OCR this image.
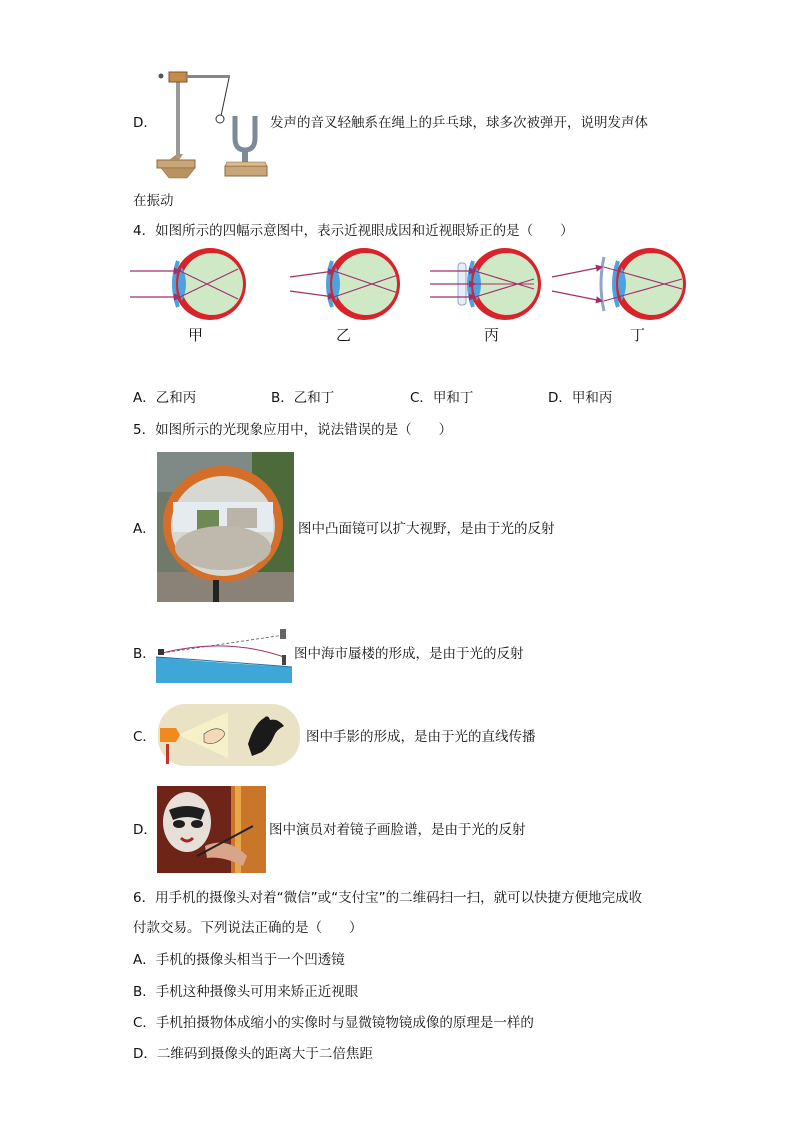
D.	发声的音叉轻触系在绳上的乒乓球，球多次被弹开，说明发声体
在振动
4．如图所示的四幅示意图中，表示近视眼成因和近视眼矫正的是（　　）
甲	乙	丙	丁
A．乙和丙	B．乙和丁	C．甲和丁	D．甲和丙
5．如图所示的光现象应用中，说法错误的是（　　）
A．	图中凸面镜可以扩大视野，是由于光的反射
B．	图中海市蜃楼的形成，是由于光的反射
C．	图中手影的形成，是由于光的直线传播
D．	图中演员对着镜子画脸谱，是由于光的反射
6．用手机的摄像头对着“微信”或“支付宝”的二维码扫一扫，就可以快捷方便地完成收
付款交易。下列说法正确的是（　　）
A．手机的摄像头相当于一个凹透镜
B．手机这种摄像头可用来矫正近视眼
C．手机拍摄物体成缩小的实像时与显微镜物镜成像的原理是一样的
D．二维码到摄像头的距离大于二倍焦距
